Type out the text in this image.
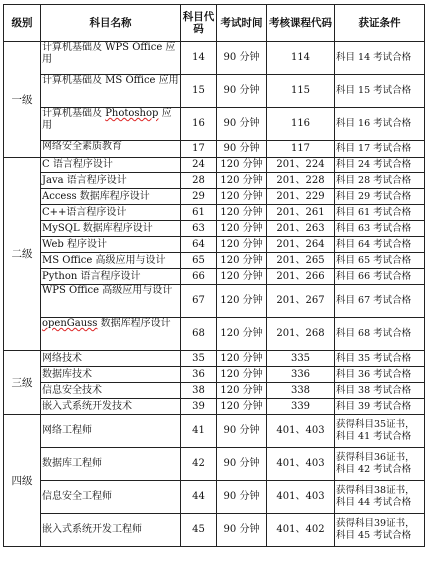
级别	科目名称	科目代码	考试时间	考核课程代码	获证条件
一级	计算机基础及 WPS Office 应用	14	90 分钟	114	科目 14 考试合格
	计算机基础及 MS Office 应用	15	90 分钟	115	科目 15 考试合格
	计算机基础及 Photoshop 应用	16	90 分钟	116	科目 16 考试合格
	网络安全素质教育	17	90 分钟	117	科目 17 考试合格
二级	C 语言程序设计	24	120 分钟	201、224	科目 24 考试合格
	Java 语言程序设计	28	120 分钟	201、228	科目 28 考试合格
	Access 数据库程序设计	29	120 分钟	201、229	科目 29 考试合格
	C++语言程序设计	61	120 分钟	201、261	科目 61 考试合格
	MySQL 数据库程序设计	63	120 分钟	201、263	科目 63 考试合格
	Web 程序设计	64	120 分钟	201、264	科目 64 考试合格
	MS Office 高级应用与设计	65	120 分钟	201、265	科目 65 考试合格
	Python 语言程序设计	66	120 分钟	201、266	科目 66 考试合格
	WPS Office 高级应用与设计	67	120 分钟	201、267	科目 67 考试合格
	openGauss 数据库程序设计	68	120 分钟	201、268	科目 68 考试合格
三级	网络技术	35	120 分钟	335	科目 35 考试合格
	数据库技术	36	120 分钟	336	科目 36 考试合格
	信息安全技术	38	120 分钟	338	科目 38 考试合格
	嵌入式系统开发技术	39	120 分钟	339	科目 39 考试合格
四级	网络工程师	41	90 分钟	401、403	获得科目35证书，科目 41 考试合格
	数据库工程师	42	90 分钟	401、403	获得科目36证书，科目 42 考试合格
	信息安全工程师	44	90 分钟	401、403	获得科目38证书，科目 44 考试合格
	嵌入式系统开发工程师	45	90 分钟	401、402	获得科目39证书，科目 45 考试合格
